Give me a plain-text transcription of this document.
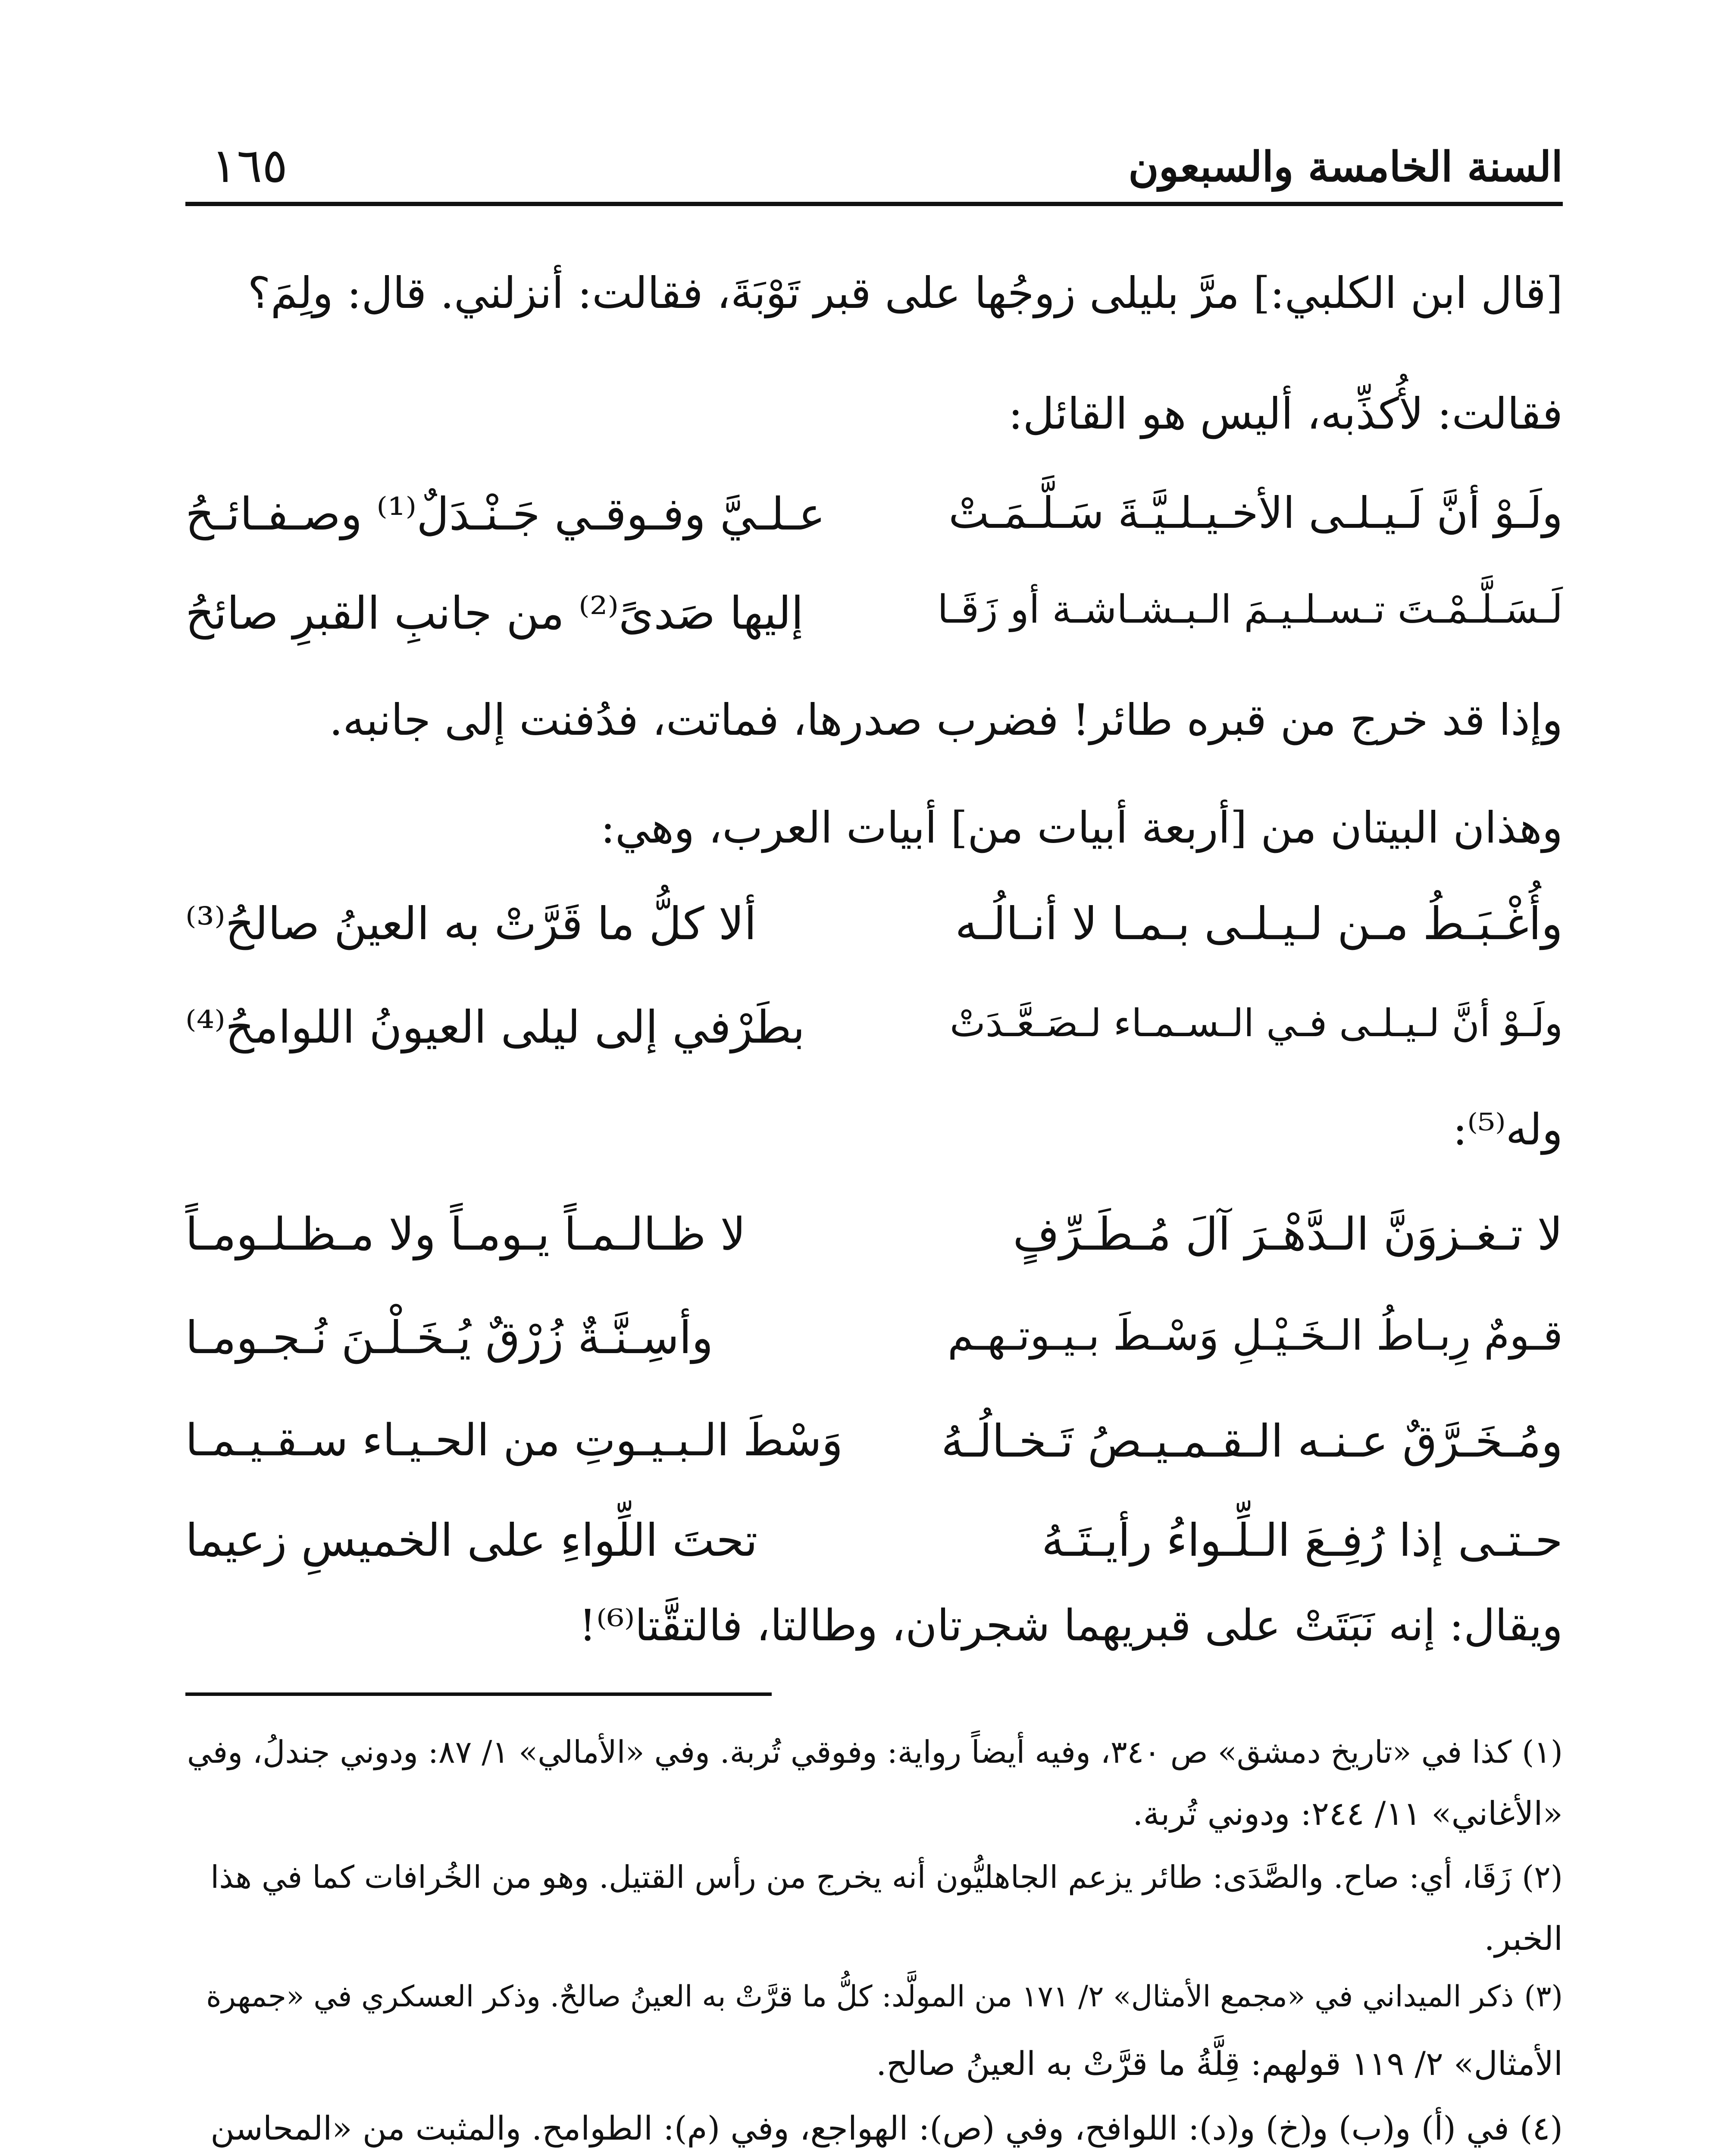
السنة الخامسة والسبعون
١٦٥
[قال ابن الكلبي:] مرَّ بليلى زوجُها على قبر تَوْبَةَ، فقالت: أنزلني. قال: ولِمَ؟
فقالت: لأُكذِّبه، أليس هو القائل:
ولَـوْ أنَّ لَـيـلـى الأخـيـلـيَّـةَ سَـلَّـمَـتْ
عـلـيَّ وفـوقـي جَـنْـدَلٌ⁽¹⁾ وصـفـائـحُ
لَـسَـلَّـمْـتَ تـسـلـيـمَ الـبـشـاشـة أو زَقَـا
إليها صَدىً⁽²⁾ من جانبِ القبرِ صائحُ
وإذا قد خرج من قبره طائر! فضرب صدرها، فماتت، فدُفنت إلى جانبه.
وهذان البيتان من [أربعة أبيات من] أبيات العرب، وهي:
وأُغْـبَـطُ مـن لـيـلـى بـمـا لا أنـالُـه
ألا كلُّ ما قَرَّتْ به العينُ صالحُ⁽³⁾
ولَـوْ أنَّ لـيـلـى فـي الـسـمـاء لـصَـعَّـدَتْ
بطَرْفي إلى ليلى العيونُ اللوامحُ⁽⁴⁾
وله⁽⁵⁾:
لا تـغـزوَنَّ الـدَّهْـرَ آلَ مُـطَـرِّفٍ
لا ظـالـمـاً يـومـاً ولا مـظـلـومـاً
قـومٌ رِبـاطُ الـخَـيْـلِ وَسْـطَ بـيـوتـهـم
وأسِـنَّـةٌ زُرْقٌ يُـخَـلْـنَ نُـجـومـا
ومُـخَـرَّقٌ عـنـه الـقـمـيـصُ تَـخـالُـهُ
وَسْطَ الـبـيـوتِ من الحـيـاء سـقـيـمـا
حـتـى إذا رُفِـعَ الـلِّـواءُ رأيـتَـهُ
تحتَ اللِّواءِ على الخميسِ زعيما
ويقال: إنه نَبَتَتْ على قبريهما شجرتان، وطالتا، فالتقَّتا⁽⁶⁾!
(١)كذا في «تاريخ دمشق» ص ٣٤٠، وفيه أيضاً رواية: وفوقي تُربة. وفي «الأمالي» ١/ ٨٧: ودوني جندلُ، وفي
«الأغاني» ١١/ ٢٤٤: ودوني تُربة.
(٢)زَقَا، أي: صاح. والصَّدَى: طائر يزعم الجاهليُّون أنه يخرج من رأس القتيل. وهو من الخُرافات كما في هذا
الخبر.
(٣)ذكر الميداني في «مجمع الأمثال» ٢/ ١٧١ من المولَّد: كلُّ ما قرَّتْ به العينُ صالحٌ. وذكر العسكري في «جمهرة
الأمثال» ٢/ ١١٩ قولهم: قِلَّةُ ما قرَّتْ به العينُ صالح.
(٤)في (أ) و(ب) و(خ) و(د): اللوافح، وفي (ص): الهواجع، وفي (م): الطوامح. والمثبت من «المحاسن
